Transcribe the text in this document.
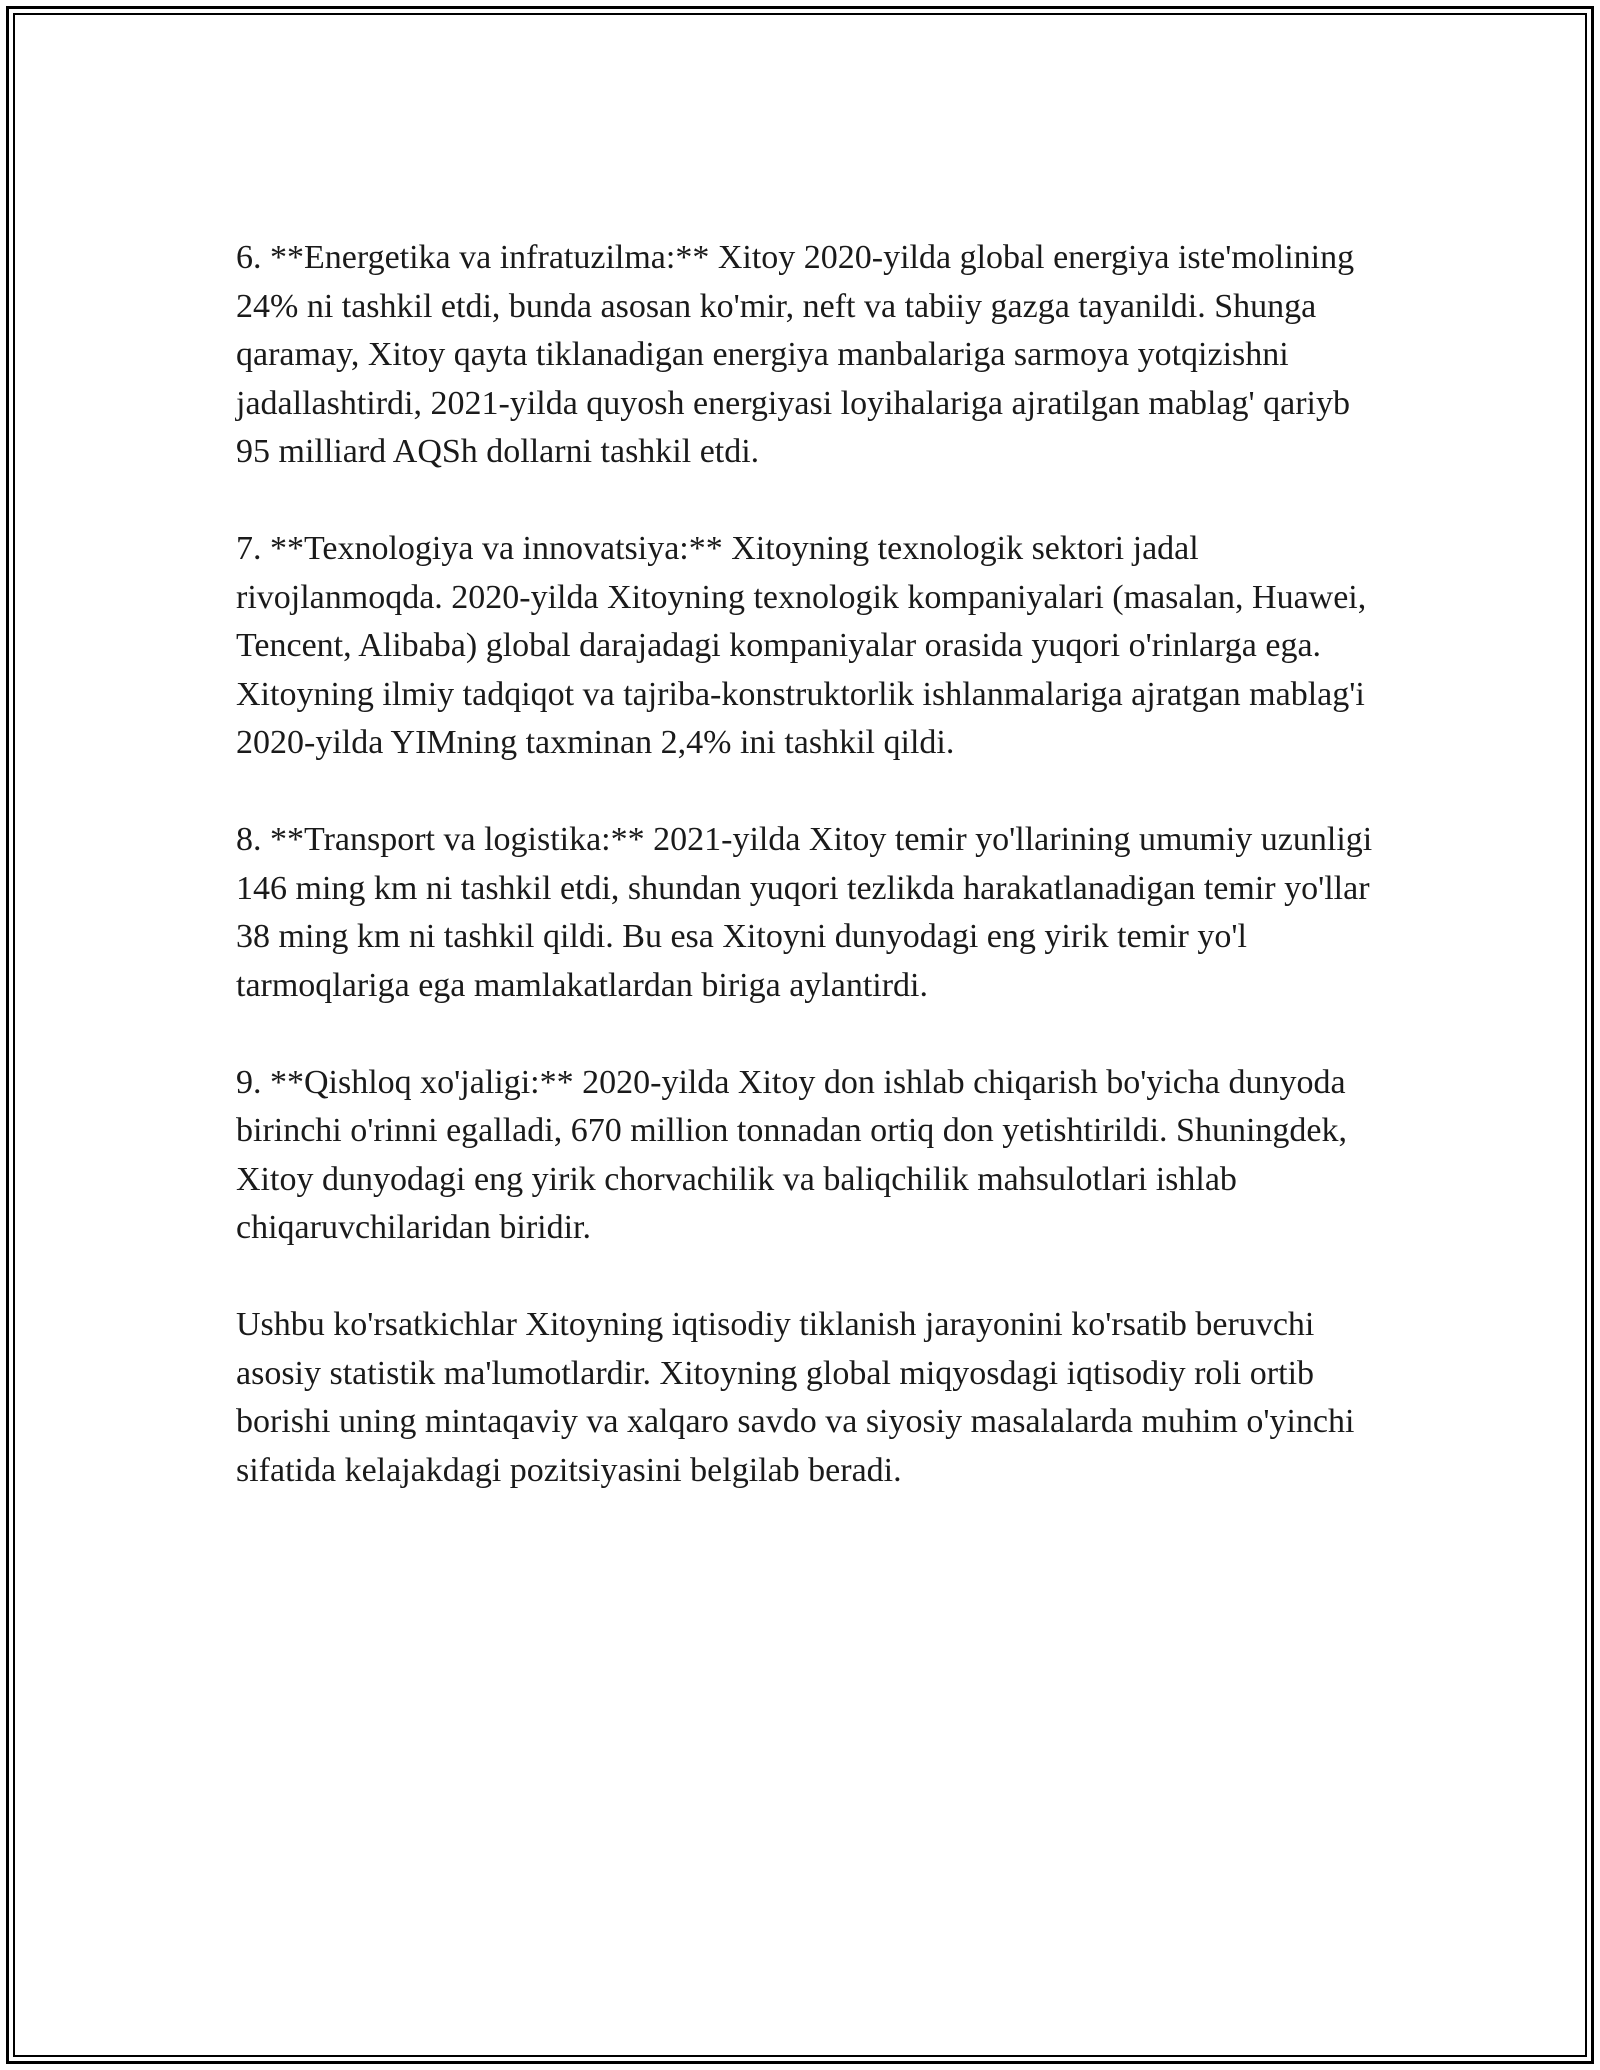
6. **Energetika va infratuzilma:** Xitoy 2020-yilda global energiya iste'molining 24% ni tashkil etdi, bunda asosan ko'mir, neft va tabiiy gazga tayanildi. Shunga qaramay, Xitoy qayta tiklanadigan energiya manbalariga sarmoya yotqizishni jadallashtirdi, 2021-yilda quyosh energiyasi loyihalariga ajratilgan mablag' qariyb 95 milliard AQSh dollarni tashkil etdi.

7. **Texnologiya va innovatsiya:** Xitoyning texnologik sektori jadal rivojlanmoqda. 2020-yilda Xitoyning texnologik kompaniyalari (masalan, Huawei, Tencent, Alibaba) global darajadagi kompaniyalar orasida yuqori o'rinlarga ega. Xitoyning ilmiy tadqiqot va tajriba-konstruktorlik ishlanmalariga ajratgan mablag'i 2020-yilda YIMning taxminan 2,4% ini tashkil qildi.

8. **Transport va logistika:** 2021-yilda Xitoy temir yo'llarining umumiy uzunligi 146 ming km ni tashkil etdi, shundan yuqori tezlikda harakatlanadigan temir yo'llar 38 ming km ni tashkil qildi. Bu esa Xitoyni dunyodagi eng yirik temir yo'l tarmoqlariga ega mamlakatlardan biriga aylantirdi.

9. **Qishloq xo'jaligi:** 2020-yilda Xitoy don ishlab chiqarish bo'yicha dunyoda birinchi o'rinni egalladi, 670 million tonnadan ortiq don yetishtirildi. Shuningdek, Xitoy dunyodagi eng yirik chorvachilik va baliqchilik mahsulotlari ishlab chiqaruvchilaridan biridir.

Ushbu ko'rsatkichlar Xitoyning iqtisodiy tiklanish jarayonini ko'rsatib beruvchi asosiy statistik ma'lumotlardir. Xitoyning global miqyosdagi iqtisodiy roli ortib borishi uning mintaqaviy va xalqaro savdo va siyosiy masalalarda muhim o'yinchi sifatida kelajakdagi pozitsiyasini belgilab beradi.
